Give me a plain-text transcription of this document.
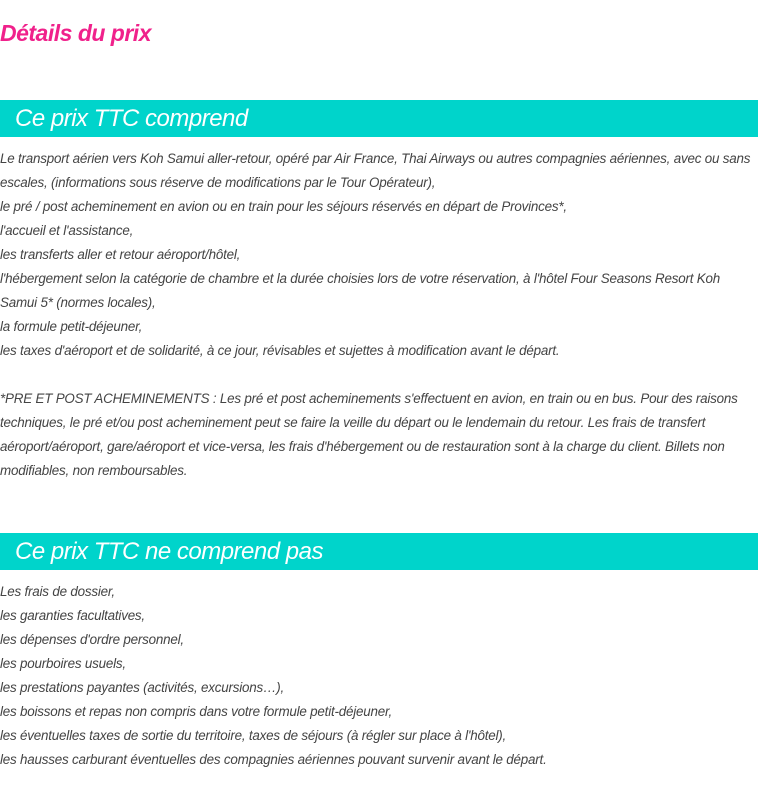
Détails du prix
Ce prix TTC comprend
Le transport aérien vers Koh Samui aller-retour, opéré par Air France, Thai Airways ou autres compagnies aériennes, avec ou sans escales, (informations sous réserve de modifications par le Tour Opérateur),
le pré / post acheminement en avion ou en train pour les séjours réservés en départ de Provinces*,
l'accueil et l'assistance,
les transferts aller et retour aéroport/hôtel,
l'hébergement selon la catégorie de chambre et la durée choisies lors de votre réservation, à l'hôtel Four Seasons Resort Koh Samui 5* (normes locales),
la formule petit-déjeuner,
les taxes d'aéroport et de solidarité, à ce jour, révisables et sujettes à modification avant le départ.
*PRE ET POST ACHEMINEMENTS : Les pré et post acheminements s'effectuent en avion, en train ou en bus. Pour des raisons techniques, le pré et/ou post acheminement peut se faire la veille du départ ou le lendemain du retour. Les frais de transfert aéroport/aéroport, gare/aéroport et vice-versa, les frais d'hébergement ou de restauration sont à la charge du client. Billets non modifiables, non remboursables.
Ce prix TTC ne comprend pas
Les frais de dossier,
les garanties facultatives,
les dépenses d'ordre personnel,
les pourboires usuels,
les prestations payantes (activités, excursions…),
les boissons et repas non compris dans votre formule petit-déjeuner,
les éventuelles taxes de sortie du territoire, taxes de séjours (à régler sur place à l'hôtel),
les hausses carburant éventuelles des compagnies aériennes pouvant survenir avant le départ.
